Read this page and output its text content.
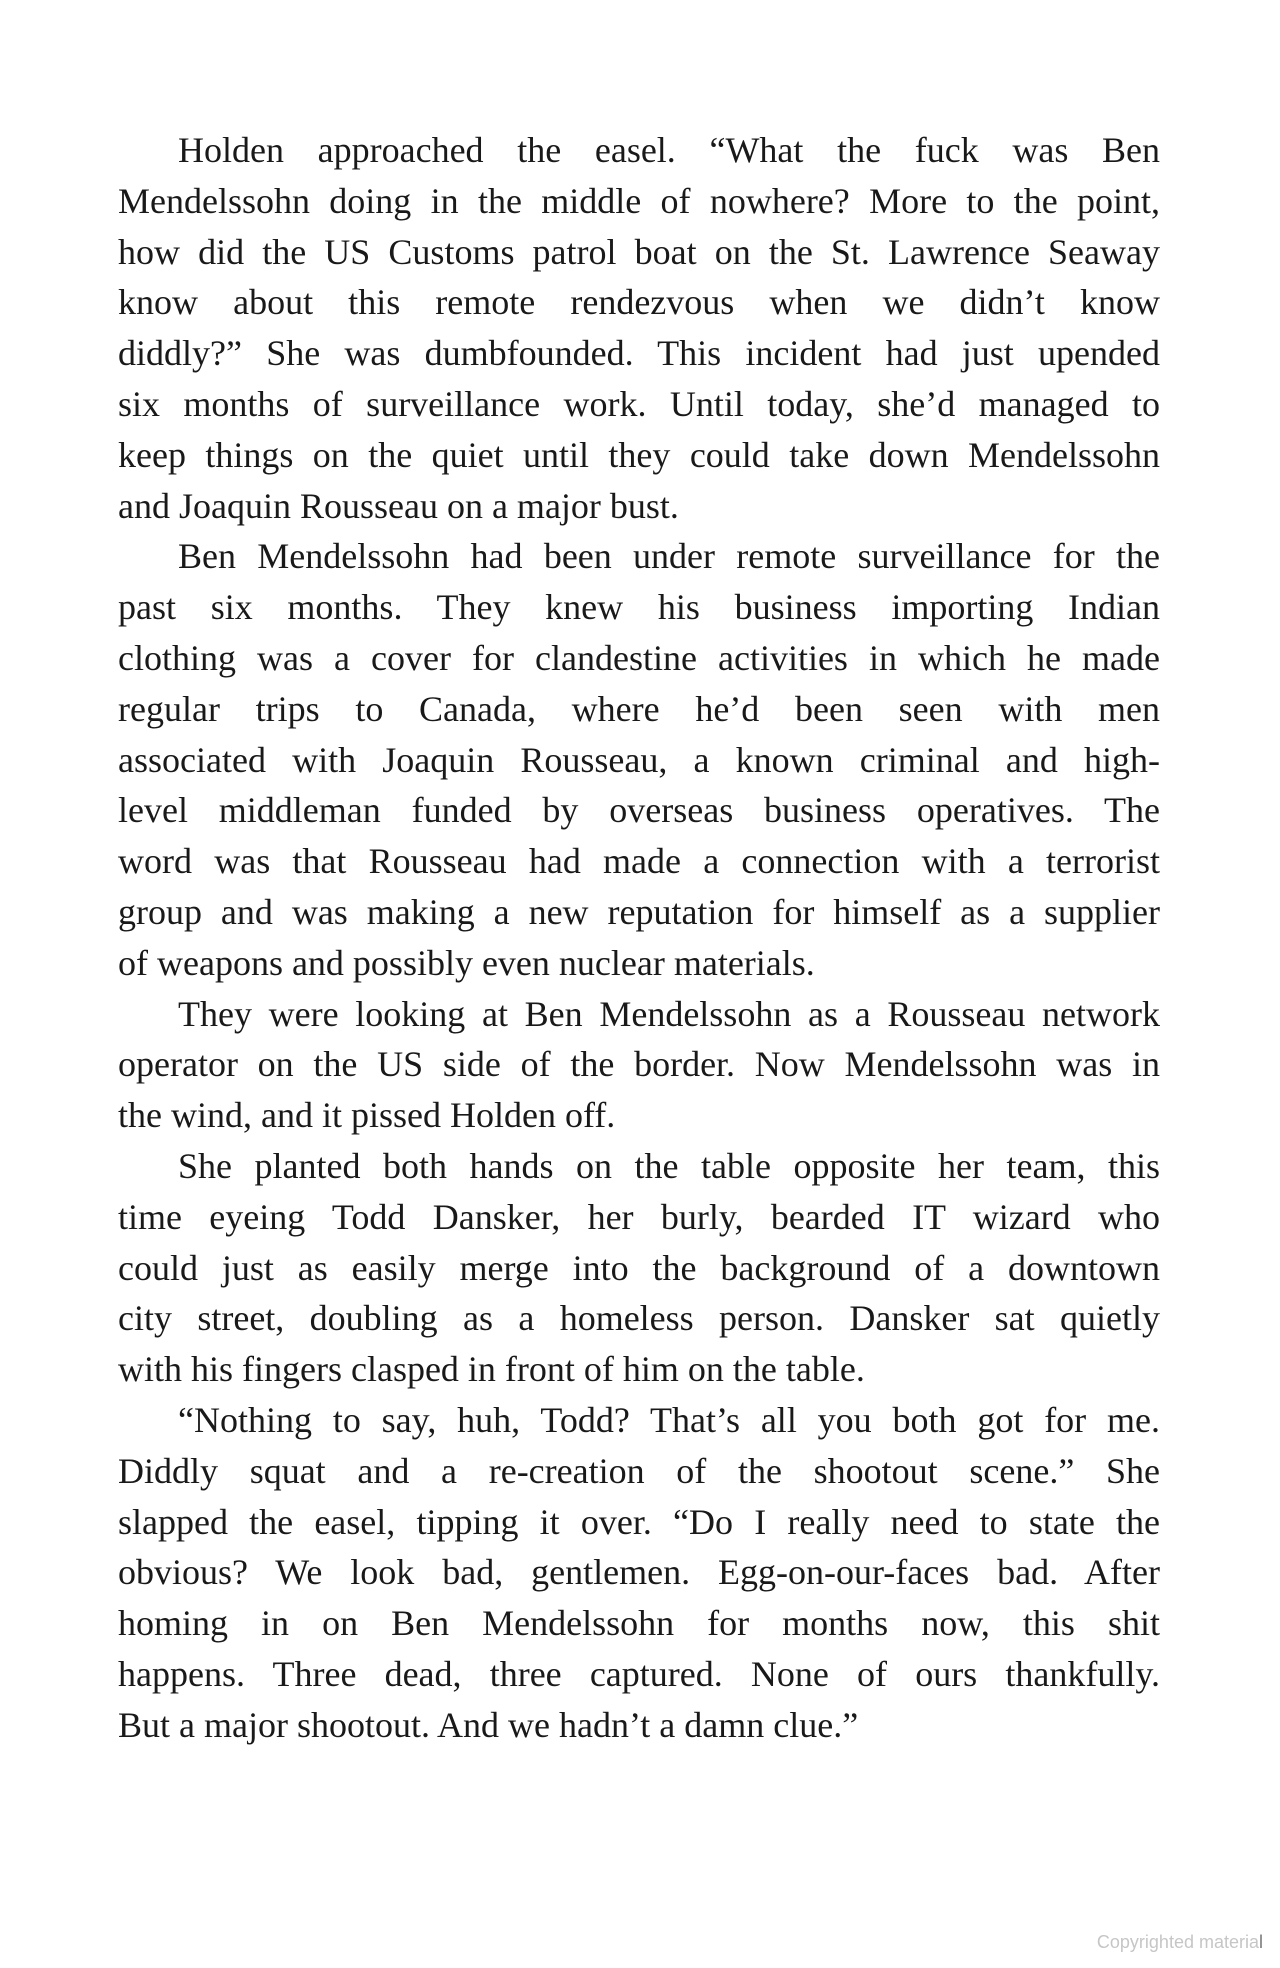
Holden approached the easel. “What the fuck was Ben
Mendelssohn doing in the middle of nowhere? More to the point,
how did the US Customs patrol boat on the St. Lawrence Seaway
know about this remote rendezvous when we didn’t know
diddly?” She was dumbfounded. This incident had just upended
six months of surveillance work. Until today, she’d managed to
keep things on the quiet until they could take down Mendelssohn
and Joaquin Rousseau on a major bust.
Ben Mendelssohn had been under remote surveillance for the
past six months. They knew his business importing Indian
clothing was a cover for clandestine activities in which he made
regular trips to Canada, where he’d been seen with men
associated with Joaquin Rousseau, a known criminal and high-
level middleman funded by overseas business operatives. The
word was that Rousseau had made a connection with a terrorist
group and was making a new reputation for himself as a supplier
of weapons and possibly even nuclear materials.
They were looking at Ben Mendelssohn as a Rousseau network
operator on the US side of the border. Now Mendelssohn was in
the wind, and it pissed Holden off.
She planted both hands on the table opposite her team, this
time eyeing Todd Dansker, her burly, bearded IT wizard who
could just as easily merge into the background of a downtown
city street, doubling as a homeless person. Dansker sat quietly
with his fingers clasped in front of him on the table.
“Nothing to say, huh, Todd? That’s all you both got for me.
Diddly squat and a re-creation of the shootout scene.” She
slapped the easel, tipping it over. “Do I really need to state the
obvious? We look bad, gentlemen. Egg-on-our-faces bad. After
homing in on Ben Mendelssohn for months now, this shit
happens. Three dead, three captured. None of ours thankfully.
But a major shootout. And we hadn’t a damn clue.”
Copyrighted material
